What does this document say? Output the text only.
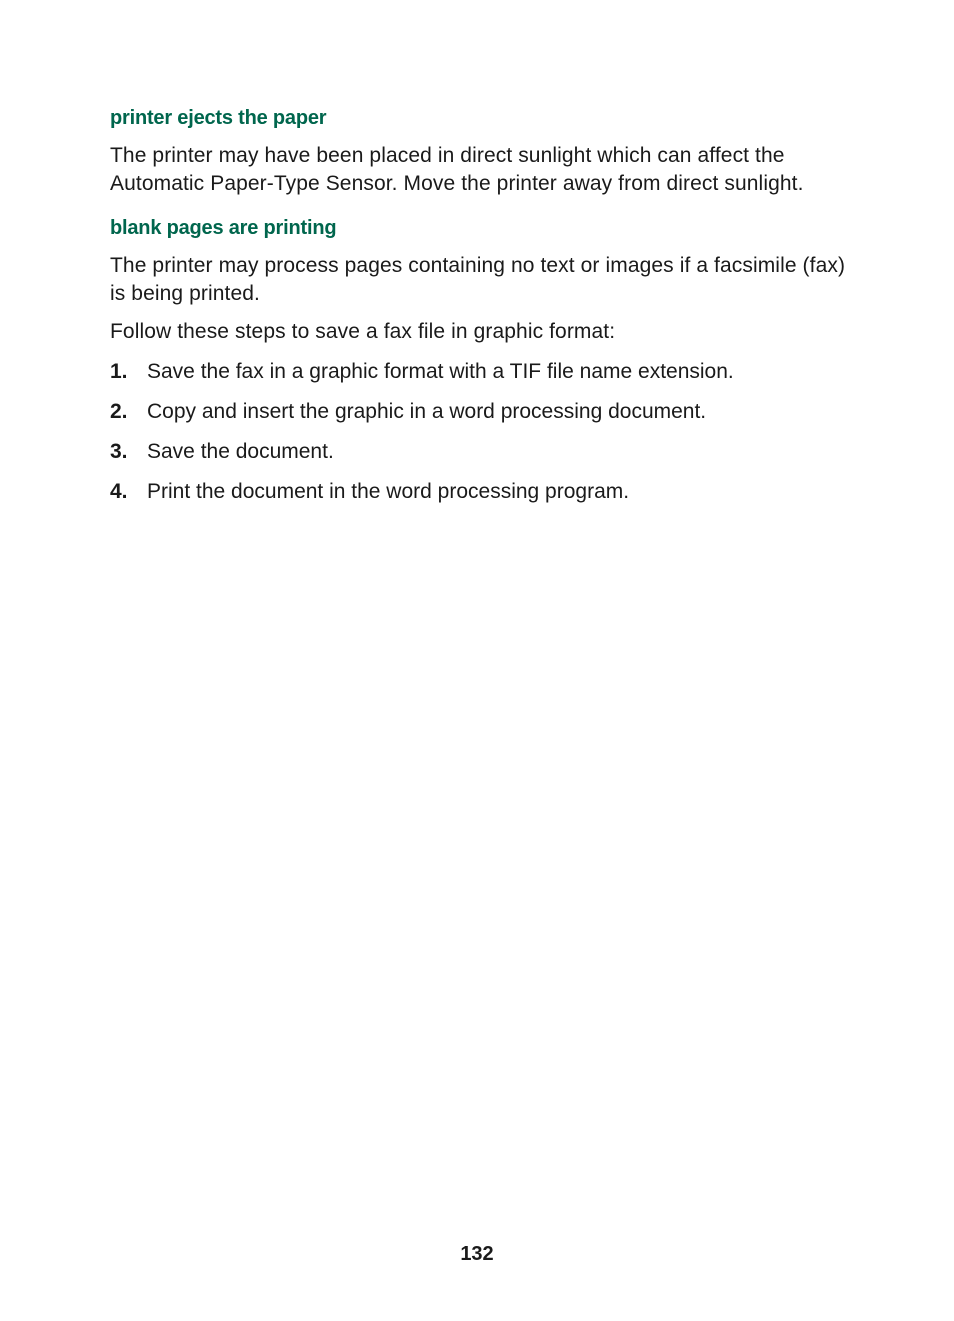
printer ejects the paper

The printer may have been placed in direct sunlight which can affect the Automatic Paper-Type Sensor. Move the printer away from direct sunlight.

blank pages are printing

The printer may process pages containing no text or images if a facsimile (fax) is being printed.

Follow these steps to save a fax file in graphic format:

1. Save the fax in a graphic format with a TIF file name extension.
2. Copy and insert the graphic in a word processing document.
3. Save the document.
4. Print the document in the word processing program.
132
